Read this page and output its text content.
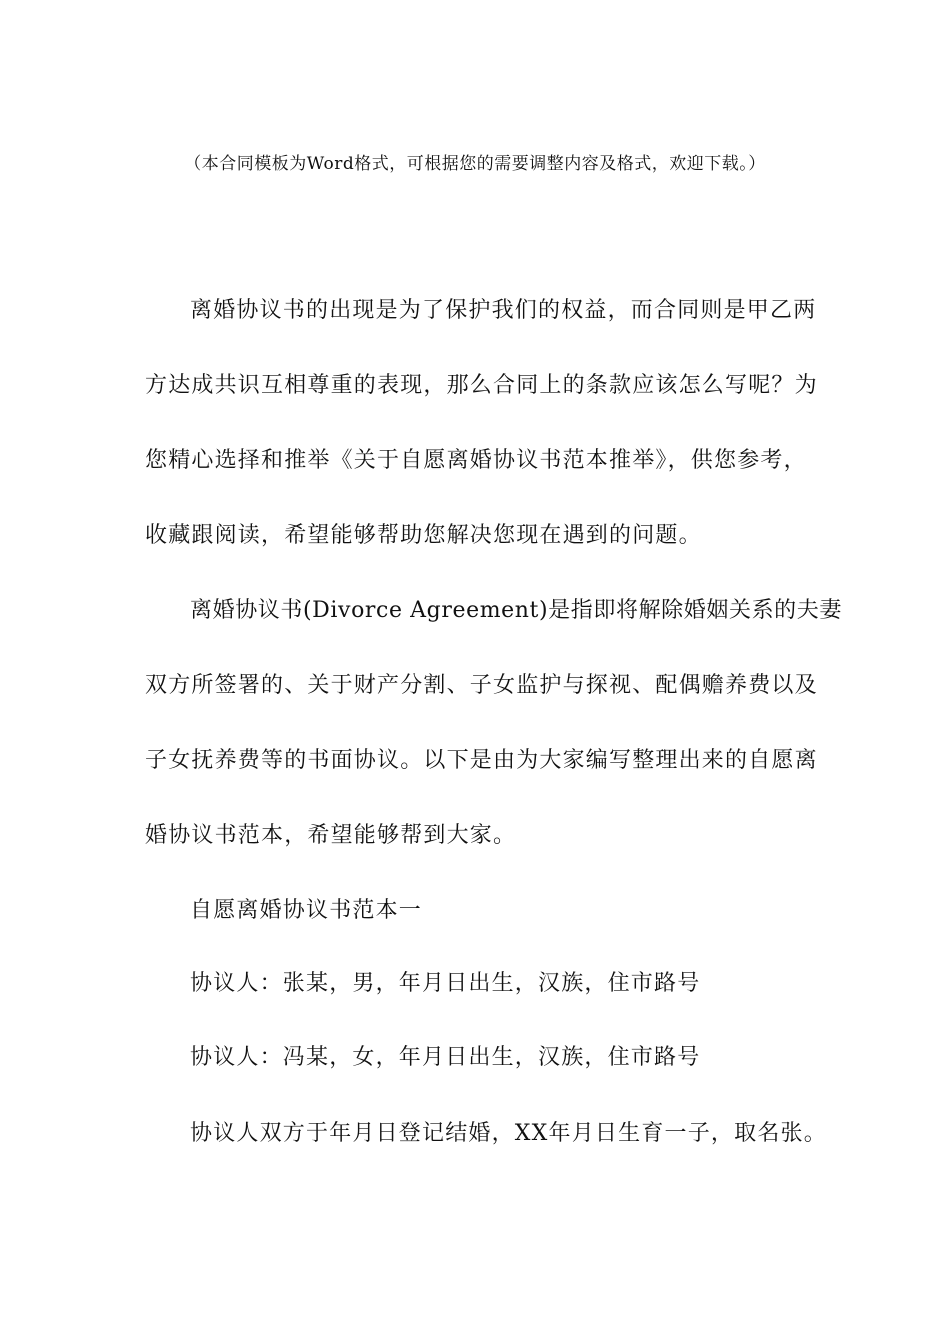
（本合同模板为Word格式，可根据您的需要调整内容及格式，欢迎下载。）
离婚协议书的出现是为了保护我们的权益，而合同则是甲乙两
方达成共识互相尊重的表现，那么合同上的条款应该怎么写呢？为
您精心选择和推举《关于自愿离婚协议书范本推举》，供您参考，
收藏跟阅读，希望能够帮助您解决您现在遇到的问题。
离婚协议书(Divorce Agreement)是指即将解除婚姻关系的夫妻
双方所签署的、关于财产分割、子女监护与探视、配偶赡养费以及
子女抚养费等的书面协议。以下是由为大家编写整理出来的自愿离
婚协议书范本，希望能够帮到大家。
自愿离婚协议书范本一
协议人：张某，男，年月日出生，汉族，住市路号
协议人：冯某，女，年月日出生，汉族，住市路号
协议人双方于年月日登记结婚，XX年月日生育一子，取名张。
